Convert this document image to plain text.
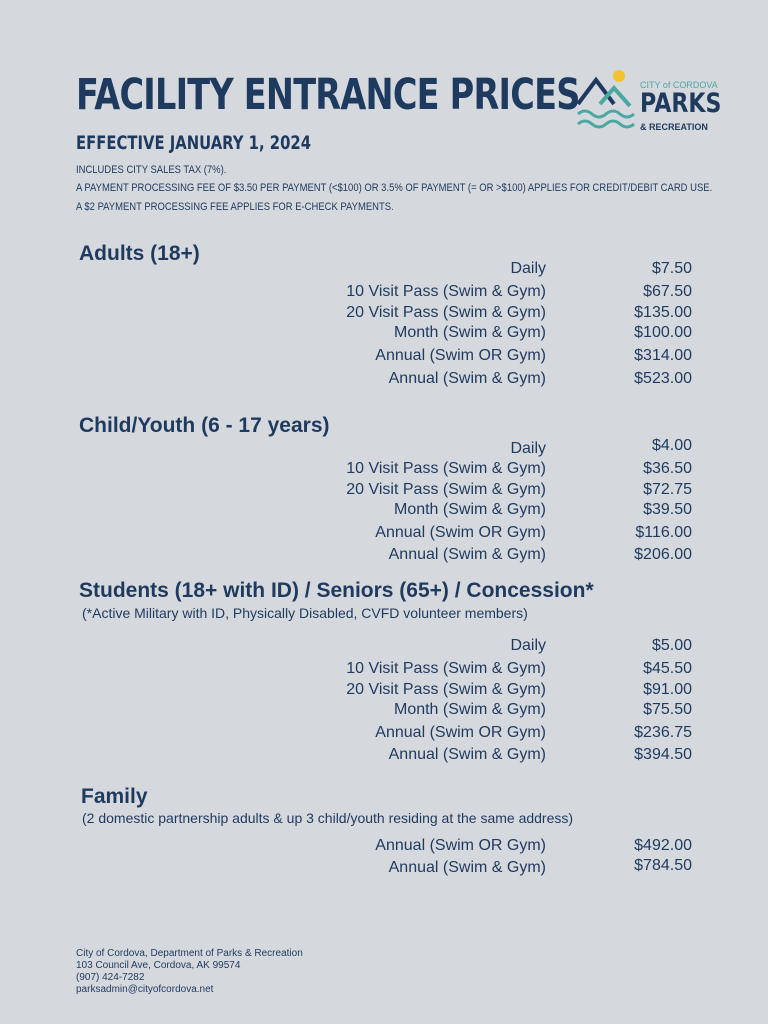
FACILITY ENTRANCE PRICES
EFFECTIVE JANUARY 1, 2024
INCLUDES CITY SALES TAX (7%).
A PAYMENT PROCESSING FEE OF $3.50 PER PAYMENT (<$100) OR 3.5% OF PAYMENT (= OR >$100) APPLIES FOR CREDIT/DEBIT CARD USE.
A $2 PAYMENT PROCESSING FEE APPLIES FOR E-CHECK PAYMENTS.
CITY of CORDOVA
PARKS
& RECREATION
Adults (18+)
Daily	$7.50
10 Visit Pass (Swim & Gym)	$67.50
20 Visit Pass (Swim & Gym)	$135.00
Month (Swim & Gym)	$100.00
Annual (Swim OR Gym)	$314.00
Annual (Swim & Gym)	$523.00
Child/Youth (6 - 17 years)
Daily	$4.00
10 Visit Pass (Swim & Gym)	$36.50
20 Visit Pass (Swim & Gym)	$72.75
Month (Swim & Gym)	$39.50
Annual (Swim OR Gym)	$116.00
Annual (Swim & Gym)	$206.00
Students (18+ with ID) / Seniors (65+) / Concession*
(*Active Military with ID, Physically Disabled, CVFD volunteer members)
Daily	$5.00
10 Visit Pass (Swim & Gym)	$45.50
20 Visit Pass (Swim & Gym)	$91.00
Month (Swim & Gym)	$75.50
Annual (Swim OR Gym)	$236.75
Annual (Swim & Gym)	$394.50
Family
(2 domestic partnership adults & up 3 child/youth residing at the same address)
Annual (Swim OR Gym)	$492.00
Annual (Swim & Gym)	$784.50
City of Cordova, Department of Parks & Recreation
103 Council Ave, Cordova, AK 99574
(907) 424-7282
parksadmin@cityofcordova.net
